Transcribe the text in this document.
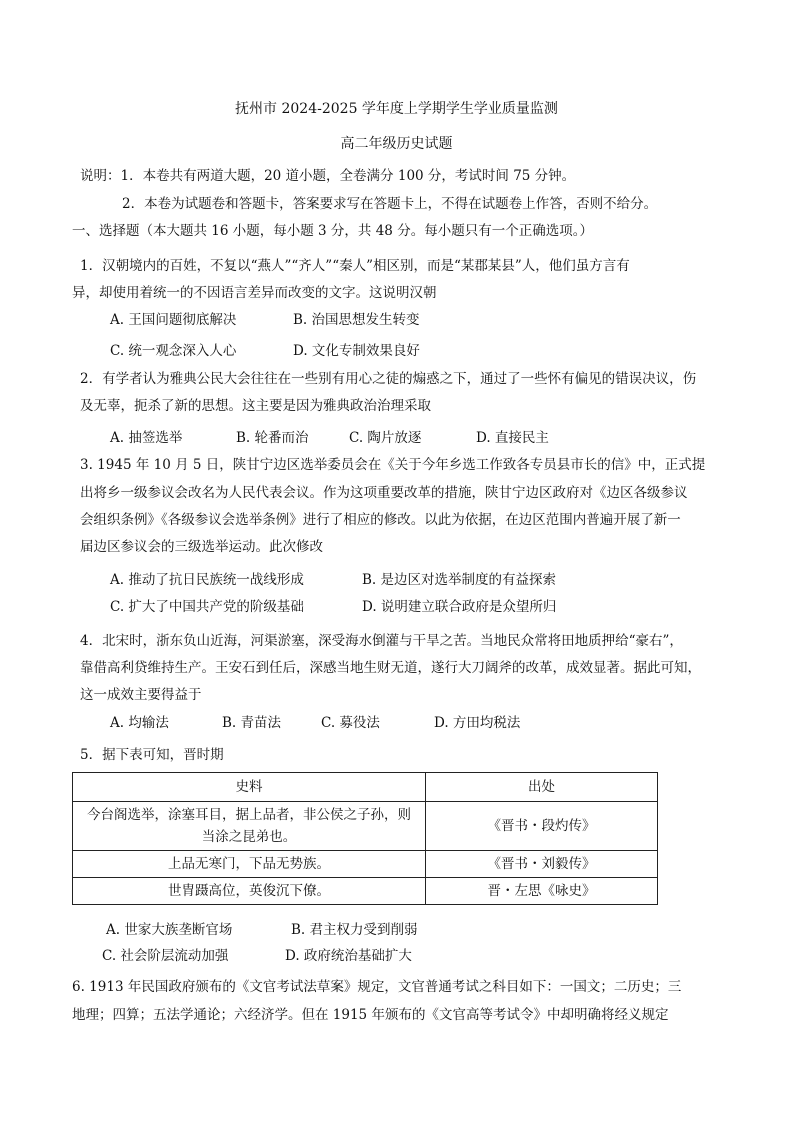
抚州市 2024-2025 学年度上学期学生学业质量监测
高二年级历史试题
说明：1．本卷共有两道大题，20 道小题，全卷满分 100 分，考试时间 75 分钟。
2．本卷为试题卷和答题卡，答案要求写在答题卡上，不得在试题卷上作答，否则不给分。
一、选择题（本大题共 16 小题，每小题 3 分，共 48 分。每小题只有一个正确选项。）
1．汉朝境内的百姓，不复以“燕人”“齐人”“秦人”相区别，而是“某郡某县”人，他们虽方言有
异，却使用着统一的不因语言差异而改变的文字。这说明汉朝
A. 王国问题彻底解决	B. 治国思想发生转变
C. 统一观念深入人心	D. 文化专制效果良好
2．有学者认为雅典公民大会往往在一些别有用心之徒的煽惑之下，通过了一些怀有偏见的错误决议，伤
及无辜，扼杀了新的思想。这主要是因为雅典政治治理采取
A. 抽签选举	B. 轮番而治	C. 陶片放逐	D. 直接民主
3. 1945 年 10 月 5 日，陕甘宁边区选举委员会在《关于今年乡选工作致各专员县市长的信》中，正式提
出将乡一级参议会改名为人民代表会议。作为这项重要改革的措施，陕甘宁边区政府对《边区各级参议
会组织条例》《各级参议会选举条例》进行了相应的修改。以此为依据，在边区范围内普遍开展了新一
届边区参议会的三级选举运动。此次修改
A. 推动了抗日民族统一战线形成	B. 是边区对选举制度的有益探索
C. 扩大了中国共产党的阶级基础	D. 说明建立联合政府是众望所归
4．北宋时，浙东负山近海，河渠淤塞，深受海水倒灌与干旱之苦。当地民众常将田地质押给“豪右”，
靠借高利贷维持生产。王安石到任后，深感当地生财无道，遂行大刀阔斧的改革，成效显著。据此可知，
这一成效主要得益于
A. 均输法	B. 青苗法	C. 募役法	D. 方田均税法
5．据下表可知，晋时期
史料	出处

今台阁选举，涂塞耳目，据上品者，非公侯之子孙，则
当涂之昆弟也。	《晋书・段灼传》
上品无寒门，下品无势族。	《晋书・刘毅传》
世胄蹑高位，英俊沉下僚。	晋・左思《咏史》
A. 世家大族垄断官场	B. 君主权力受到削弱
C. 社会阶层流动加强	D. 政府统治基础扩大
6. 1913 年民国政府颁布的《文官考试法草案》规定，文官普通考试之科目如下：一国文；二历史；三
地理；四算；五法学通论；六经济学。但在 1915 年颁布的《文官高等考试令》中却明确将经义规定
